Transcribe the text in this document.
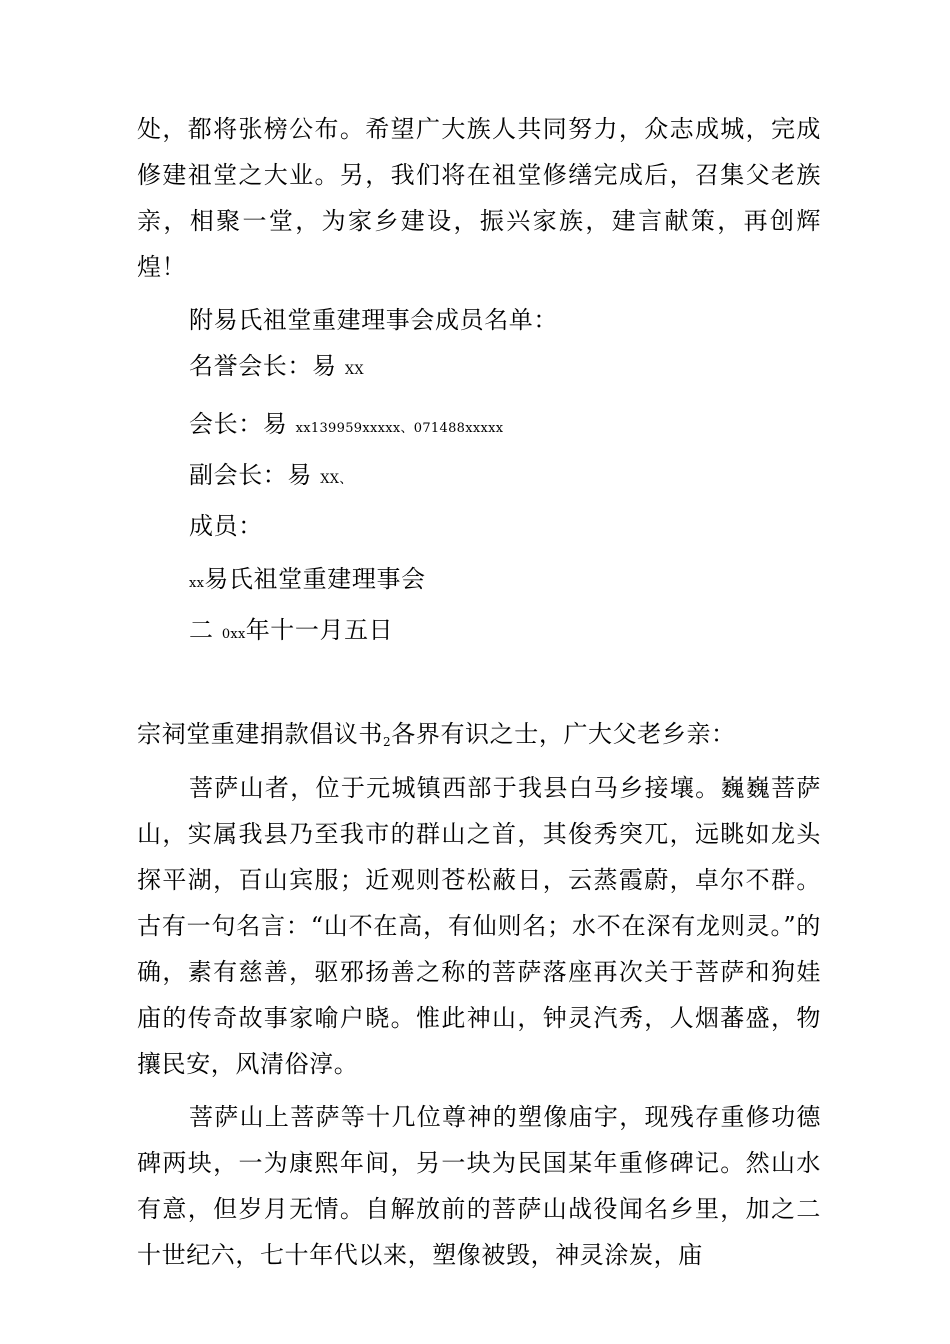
处，都将张榜公布。希望广大族人共同努力，众志成城，完成修建祖堂之大业。另，我们将在祖堂修缮完成后，召集父老族亲，相聚一堂，为家乡建设，振兴家族，建言献策，再创辉煌！

附易氏祖堂重建理事会成员名单：

名誉会长：易 XX

会长：易 xx139959xxxxx、071488xxxxx

副会长：易 XX、

成员：

xx易氏祖堂重建理事会

二 0xx年十一月五日

宗祠堂重建捐款倡议书2各界有识之士，广大父老乡亲：

菩萨山者，位于元城镇西部于我县白马乡接壤。巍巍菩萨山，实属我县乃至我市的群山之首，其俊秀突兀，远眺如龙头探平湖，百山宾服；近观则苍松蔽日，云蒸霞蔚，卓尔不群。古有一句名言：“山不在高，有仙则名；水不在深有龙则灵。”的确，素有慈善，驱邪扬善之称的菩萨落座再次关于菩萨和狗娃庙的传奇故事家喻户晓。惟此神山，钟灵汽秀，人烟蕃盛，物攘民安，风清俗淳。

菩萨山上菩萨等十几位尊神的塑像庙宇，现残存重修功德碑两块，一为康熙年间，另一块为民国某年重修碑记。然山水有意，但岁月无情。自解放前的菩萨山战役闻名乡里，加之二十世纪六，七十年代以来，塑像被毁，神灵涂炭，庙
